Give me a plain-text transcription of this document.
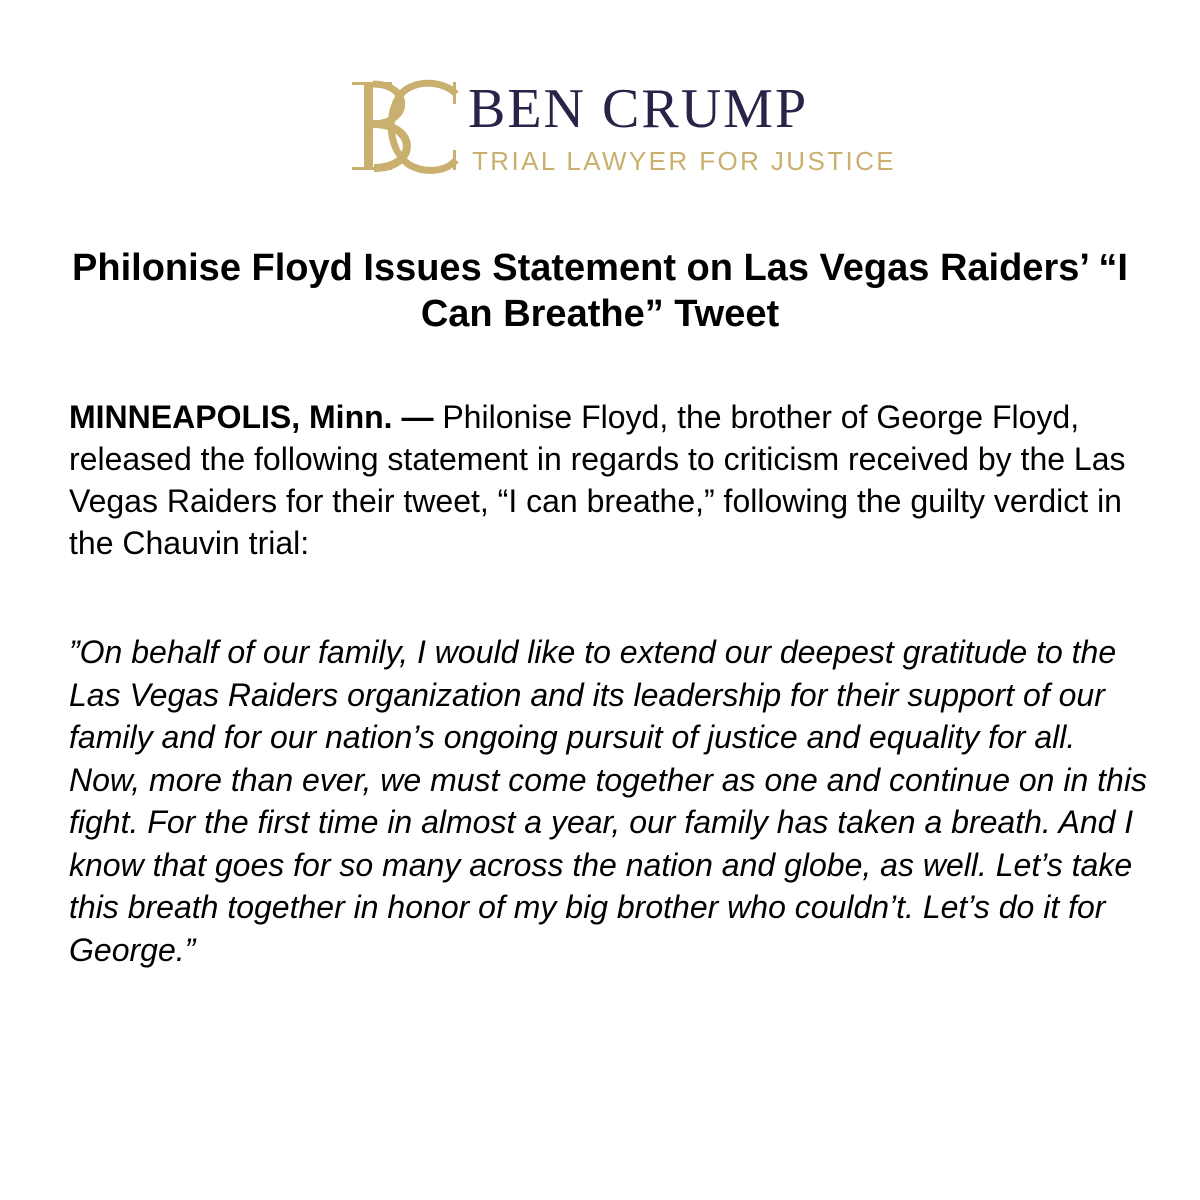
BEN CRUMP
TRIAL LAWYER FOR JUSTICE
Philonise Floyd Issues Statement on Las Vegas Raiders’ “I Can Breathe” Tweet

MINNEAPOLIS, Minn. — Philonise Floyd, the brother of George Floyd, released the following statement in regards to criticism received by the Las Vegas Raiders for their tweet, “I can breathe,” following the guilty verdict in the Chauvin trial:

”On behalf of our family, I would like to extend our deepest gratitude to the Las Vegas Raiders organization and its leadership for their support of our family and for our nation’s ongoing pursuit of justice and equality for all. Now, more than ever, we must come together as one and continue on in this fight. For the first time in almost a year, our family has taken a breath. And I know that goes for so many across the nation and globe, as well. Let’s take this breath together in honor of my big brother who couldn’t. Let’s do it for George.”
